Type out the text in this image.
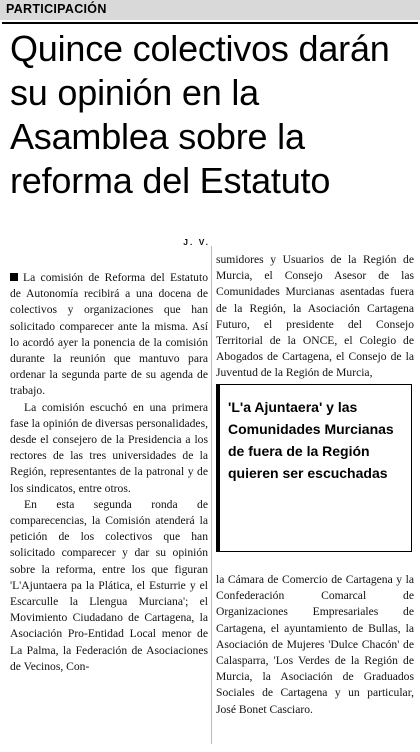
PARTICIPACIÓN
Quince colectivos darán su opinión en la Asamblea sobre la reforma del Estatuto
J. V.

La comisión de Reforma del Estatuto de Autonomía recibirá a una docena de colectivos y organizaciones que han solicitado comparecer ante la misma. Así lo acordó ayer la ponencia de la comisión durante la reunión que mantuvo para ordenar la segunda parte de su agenda de trabajo.

La comisión escuchó en una primera fase la opinión de diversas personalidades, desde el consejero de la Presidencia a los rectores de las tres universidades de la Región, representantes de la patronal y de los sindicatos, entre otros.

En esta segunda ronda de comparecencias, la Comisión atenderá la petición de los colectivos que han solicitado comparecer y dar su opinión sobre la reforma, entre los que figuran 'L'Ajuntaera pa la Plática, el Esturrie y el Escarculle la Llengua Murciana'; el Movimiento Ciudadano de Cartagena, la Asociación Pro-Entidad Local menor de La Palma, la Federación de Asociaciones de Vecinos, Con-

sumidores y Usuarios de la Región de Murcia, el Consejo Asesor de las Comunidades Murcianas asentadas fuera de la Región, la Asociación Cartagena Futuro, el presidente del Consejo Territorial de la ONCE, el Colegio de Abogados de Cartagena, el Consejo de la Juventud de la Región de Murcia,

'L'a Ajuntaera' y las Comunidades Murcianas de fuera de la Región quieren ser escuchadas

la Cámara de Comercio de Cartagena y la Confederación Comarcal de Organizaciones Empresariales de Cartagena, el ayuntamiento de Bullas, la Asociación de Mujeres 'Dulce Chacón' de Calasparra, 'Los Verdes de la Región de Murcia, la Asociación de Graduados Sociales de Cartagena y un particular, José Bonet Casciaro.
